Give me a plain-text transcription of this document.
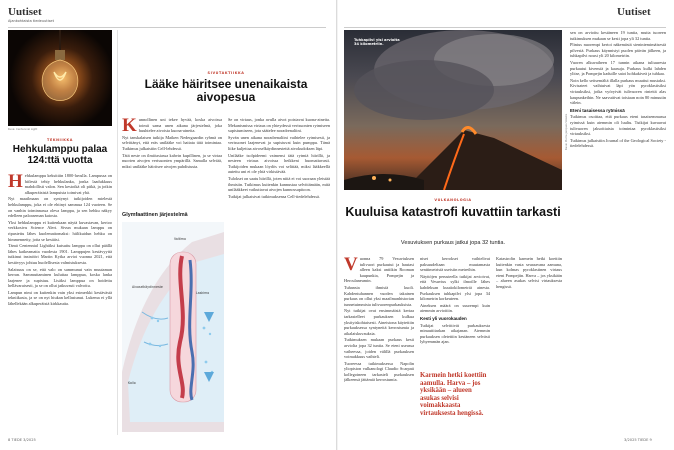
Uutiset
Ajankohtaista tiedeuutiset
Uutiset
Kuva: Centennial Light
TEKNIIKKA
Hehkulamppu palaa 124:ttä vuotta

Hehkulamppu keksittiin 1800-luvulla. Lampussa on hiilestä tehty hehkulanka, jonka laadukkuus mahdollisti valon. Sen kestoikä oli pitkä, ja jotkin alkuperäisistä lampuista toimivat yhä.

Nyt maailmaan on syntynyt tutkijoiden mielestä hehkulamppu, joka ei ole ehtinyt sammua 124 vuoteen. Se on vanhin toiminnassa oleva lamppu, ja sen hehku näkyy edelleen paloaseman katosta.

Yksi hehkulamppu ei kuitenkaan näytä kuvastavan, kertoo verkkosivu Science Alert. Sivun mukaan lamppu on ripustettu lähes kuolemattomaksi: hiilikuidun hehku on himmennetty, jotta se kestäisi.

Tämä Centennial Lightiksi kutsuttu lamppu on ollut päällä lähes katkeamatta vuodesta 1901. Lamppujen kestävyyttä tutkinut insinööri Martin Kytka arvioi vuonna 2021, että kestävyys johtuu huolellisesta valmistuksesta.

Salaisuus on se, että valo on sammunut vain muutaman kerran. Sammuttaminen kuluttaa lamppua, koska lanka laajenee ja supistuu. Lisäksi lamppua on hoidettu hellävaraisesti, ja se on ollut jatkuvasti valvottu.

Lampun nimi on kuitenkin vain yksi esimerkki kestävästä tekniikasta, ja se on nyt hiukan kellastunut. Lukema ei yllä lähellekään alkuperäistä kirkkautta.

SIVUTAKTIIKKA
Lääke häiritsee unenaikaista aivopesua

Kunnollinen uni tekee hyvää, koska aivoissa toimii sama unen aikana järjestelmä, joka huuhtelee aivoista kuona-aineita.

Nyt tanskalaisen tutkija Maiken Nedergaardin ryhmä on selvittänyt, että eräs unilääke voi haitata tätä toimintaa. Tutkimus julkaistiin Cell-lehdessä.

Tätä neste on ilmiöasiassa kahvin kupillinen, ja se virtaa nuorten aivojen verisuonten ympärillä. Samalla selviää, miksi unilääke häiritsee aivojen puhdistusta.

Se on virtaus, jonka avulla aivot poistavat kuona-aineita. Mekanismissa virtaus on yhteydessä verisuonten rytmiseen supistumiseen, jota säätelee noradrenaliini.

Syvän unen aikana noradrenaliini vaihtelee rytmisesti, ja verisuonet laajenevat ja supistuvat kuin pumppu. Tämä liike kuljettaa aivoselkäydinnestettä aivokudoksen läpi.

Unilääke tsolpideemi vaimensi tätä rytmiä hiirillä, ja nesteen virtaus aivoissa heikkeni huomattavasti. Tutkijoiden mukaan löydös voi selittää, miksi lääkkeellä autettu uni ei ole yhtä virkistävää.

Tulokset on saatu hiirillä, joten niitä ei voi suoraan yleistää ihmisiin. Tutkimus kuitenkin kannustaa selvittämään, mitä unilääkkeet vaikuttavat aivojen kunnossapitoon.

Tutkijat julkaisivat tutkimuksensa Cell-tiedelehdessä.

Glymfaattinen järjestelmä
Aivoselkäydinneste
Valtimo
Laskimo
Kallo
Tuhkapilvi ylsi arviolta 34 kilometriin.
Kuva: Pierre-Jacques Volaire
VULKANOLOGIA
Kuuluisa katastrofi kuvattiin tarkasti
Vesuviuksen purkaus jatkui jopa 32 tuntia.

Vuonna 79 Vesuviuksen tulivuori purkautui ja hautasi alleen kaksi antiikin Rooman kaupunkia, Pompejin ja Herculaneumin.

Tuhansia ihmisiä kuoli. Kahdentuhannen vuoden takainen purkaus on ollut yksi maailmanhistorian tunnetuimmista tulivuorenpurkauksista.

Nyt tutkijat ovat ensimmäistä kertaa tarkastelleet purkauksen kulkua yksityiskohtaisesti. Aineistona käytettiin purkauksessa syntyneitä kerrostumia ja aikalaiskuvauksia.

Tutkimuksen mukaan purkaus kesti arviolta jopa 32 tuntia. Se eteni useassa vaiheessa, joiden välillä purkauksen voimakkuus vaihteli.

Tuoreessa tutkimuksessa Napolin yliopiston vulkanologi Claudio Scarpati kollegoineen tarkasteli purkauksen jälkeensä jättämiä kerrostumia.

niset kerrokset vaihtelivat paksuudeltaan muutamasta senttimetristä useisiin metreihin.

Näyttöjen perusteella tutkijat arvioivat, että Vesuvius sylki ilmoille lähes kahdeksan kuutiokilometriä ainesta. Purkauksen tuhkapilvi ylsi jopa 34 kilometrin korkeuteen.

Aineksen määrä on suurempi kuin aiemmin arvioitiin.

Kesti yli vuorokauden

Tutkijat selvittivät purkauksesta minuuttitarkan aikajanan. Aiemmin purkauksen oletettiin kestäneen selvästi lyhyemmän ajan.

Karmein hetki koettiin aamulla. Harva – jos yksikään – alueen asukas selvisi voimakkaasta virtauksesta hengissä.

Katastrofin karmein hetki koettiin kuitenkin vasta seuraavana aamuna, kun kolmas pyroklastinen virtaus eteni Pompejiin. Harva – jos yksikään – alueen asukas selvisi virtauksesta hengissä.

sen on arvioitu kestäneen 19 tuntia, mutta tuoreen tutkimuksen mukaan se kesti jopa yli 32 tuntia.

Plinius nuorempi kertoi näkemästä sieniniemimäisestä pilvestä. Purkaus käynnistyi puolen päivän jälkeen, ja tuhkapilvi nousi yli 20 kilometriin.

Vuoren alkuvaiheen 17 tunnin aikana tuliuuresta purkautui kivensiä ja kaasuja. Purkaus kulki lahden ylitse, ja Pompejin kaduille satoi hohkakiveä ja tuhkaa.

Noin kello seitsemältä illalla purkaus muuttui mustaksi. Kivisateet vaihtuivat läpi yön pyroklastisiksi virtauksiksi, jotka vyöryivät tulivuoren rinteitä alas kaupunkeihin. Ne saavuttivat toisiaan noin 80 minuutin välein.

Eteni tasaisessa rytmissä

Tutkimus osoittaa, että purkaus eteni tasaisemmassa rytmissä kuin aiemmin oli luultu. Tutkijat kuvaavat tulivuoren jaksoittaista toimintaa pyroklastisiksi virtauksiksi.

Tutkimus julkaistiin Journal of the Geological Society -tiedelehdessä.

8 TIEDE 3/2025	3/2025 TIEDE 9
